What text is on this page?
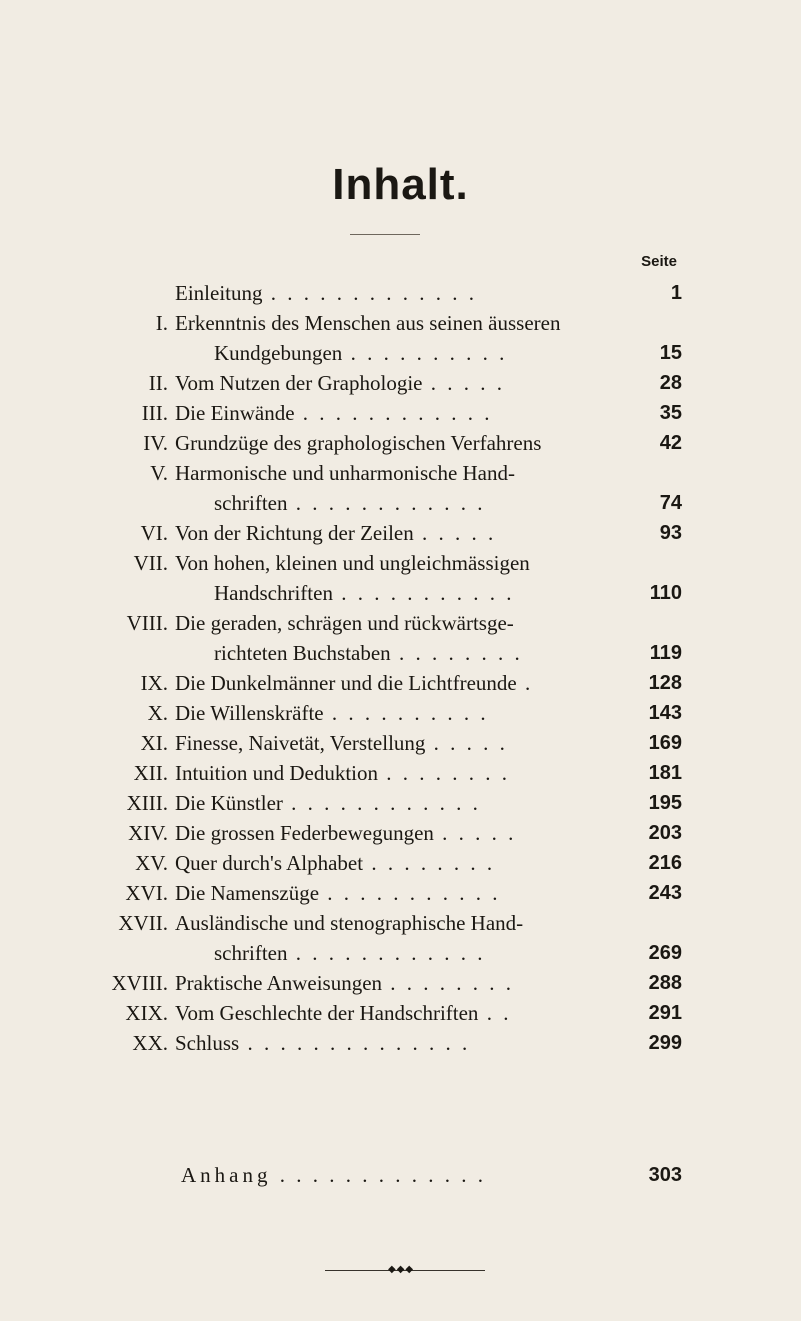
Inhalt.

Seite

Einleitung . . . . . . . . . . . . .	1
I. Erkenntnis des Menschen aus seinen äusseren
Kundgebungen . . . . . . . . . .	15
II. Vom Nutzen der Graphologie . . . . .	28
III. Die Einwände . . . . . . . . . . . .	35
IV. Grundzüge des graphologischen Verfahrens	42
V. Harmonische und unharmonische Hand-
schriften . . . . . . . . . . . .	74
VI. Von der Richtung der Zeilen . . . . .	93
VII. Von hohen, kleinen und ungleichmässigen
Handschriften . . . . . . . . . . .	110
VIII. Die geraden, schrägen und rückwärtsge-
richteten Buchstaben . . . . . . . .	119
IX. Die Dunkelmänner und die Lichtfreunde .	128
X. Die Willenskräfte . . . . . . . . . .	143
XI. Finesse, Naivetät, Verstellung . . . . .	169
XII. Intuition und Deduktion . . . . . . . .	181
XIII. Die Künstler . . . . . . . . . . . .	195
XIV. Die grossen Federbewegungen . . . . .	203
XV. Quer durch's Alphabet . . . . . . . .	216
XVI. Die Namenszüge . . . . . . . . . . .	243
XVII. Ausländische und stenographische Hand-
schriften . . . . . . . . . . . .	269
XVIII. Praktische Anweisungen . . . . . . . .	288
XIX. Vom Geschlechte der Handschriften . .	291
XX. Schluss . . . . . . . . . . . . . .	299
Anhang . . . . . . . . . . . . .	303
◆◆◆
